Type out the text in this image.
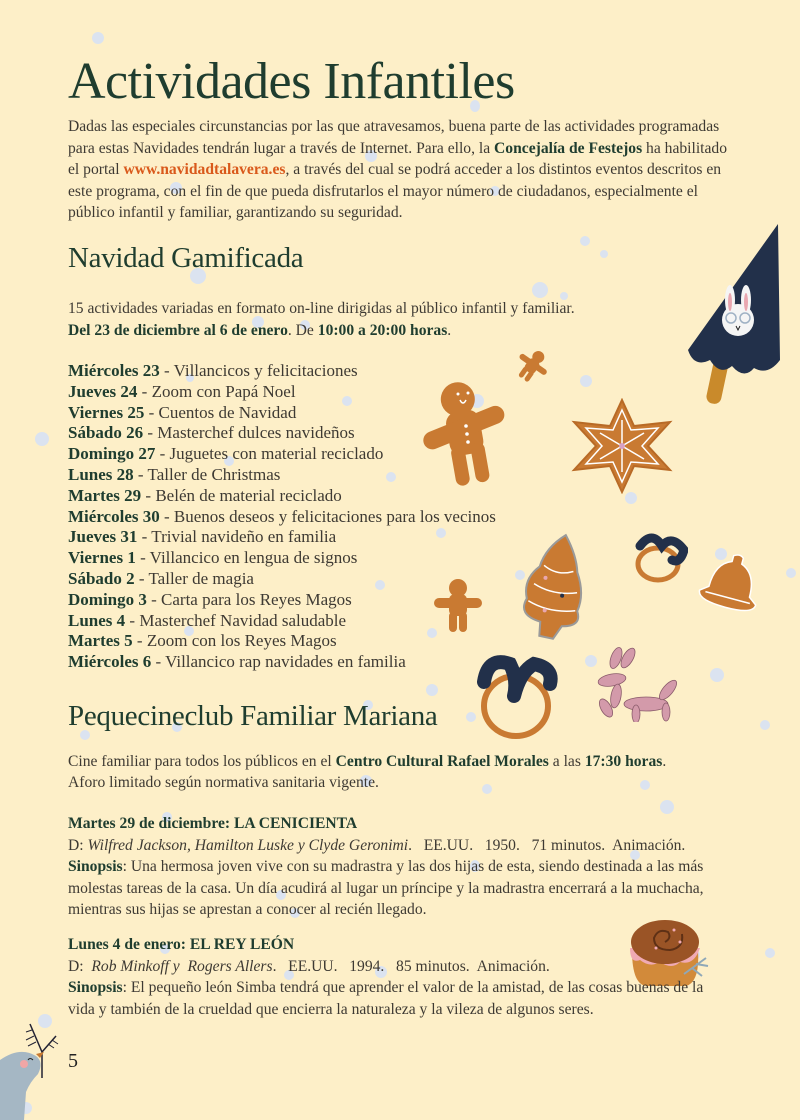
Actividades Infantiles

Dadas las especiales circunstancias por las que atravesamos, buena parte de las actividades programadas para estas Navidades tendrán lugar a través de Internet. Para ello, la Concejalía de Festejos ha habilitado el portal www.navidadtalavera.es, a través del cual se podrá acceder a los distintos eventos descritos en este programa, con el fin de que pueda disfrutarlos el mayor número de ciudadanos, especialmente el público infantil y familiar, garantizando su seguridad.

Navidad Gamificada

15 actividades variadas en formato on-line dirigidas al público infantil y familiar.
Del 23 de diciembre al 6 de enero. De 10:00 a 20:00 horas.

Miércoles 23 - Villancicos y felicitaciones
Jueves 24 - Zoom con Papá Noel
Viernes 25 - Cuentos de Navidad
Sábado 26 - Masterchef dulces navideños
Domingo 27 - Juguetes con material reciclado
Lunes 28 - Taller de Christmas
Martes 29 - Belén de material reciclado
Miércoles 30 - Buenos deseos y felicitaciones para los vecinos
Jueves 31 - Trivial navideño en familia
Viernes 1 - Villancico en lengua de signos
Sábado 2 - Taller de magia
Domingo 3 - Carta para los Reyes Magos
Lunes 4 - Masterchef Navidad saludable
Martes 5 - Zoom con los Reyes Magos
Miércoles 6 - Villancico rap navidades en familia
Pequecineclub Familiar Mariana

Cine familiar para todos los públicos en el Centro Cultural Rafael Morales a las 17:30 horas.
Aforo limitado según normativa sanitaria vigente.

Martes 29 de diciembre: LA CENICIENTA
D: Wilfred Jackson, Hamilton Luske y Clyde Geronimi.   EE.UU.   1950.   71 minutos.  Animación.
Sinopsis: Una hermosa joven vive con su madrastra y las dos hijas de esta, siendo destinada a las más molestas tareas de la casa. Un día acudirá al lugar un príncipe y la madrastra encerrará a la muchacha, mientras sus hijas se aprestan a conocer al recién llegado.
Lunes 4 de enero: EL REY LEÓN
D:  Rob Minkoff y  Rogers Allers.   EE.UU.   1994.   85 minutos.  Animación.
Sinopsis: El pequeño león Simba tendrá que aprender el valor de la amistad, de las cosas buenas de la vida y también de la crueldad que encierra la naturaleza y la vileza de algunos seres.
5
